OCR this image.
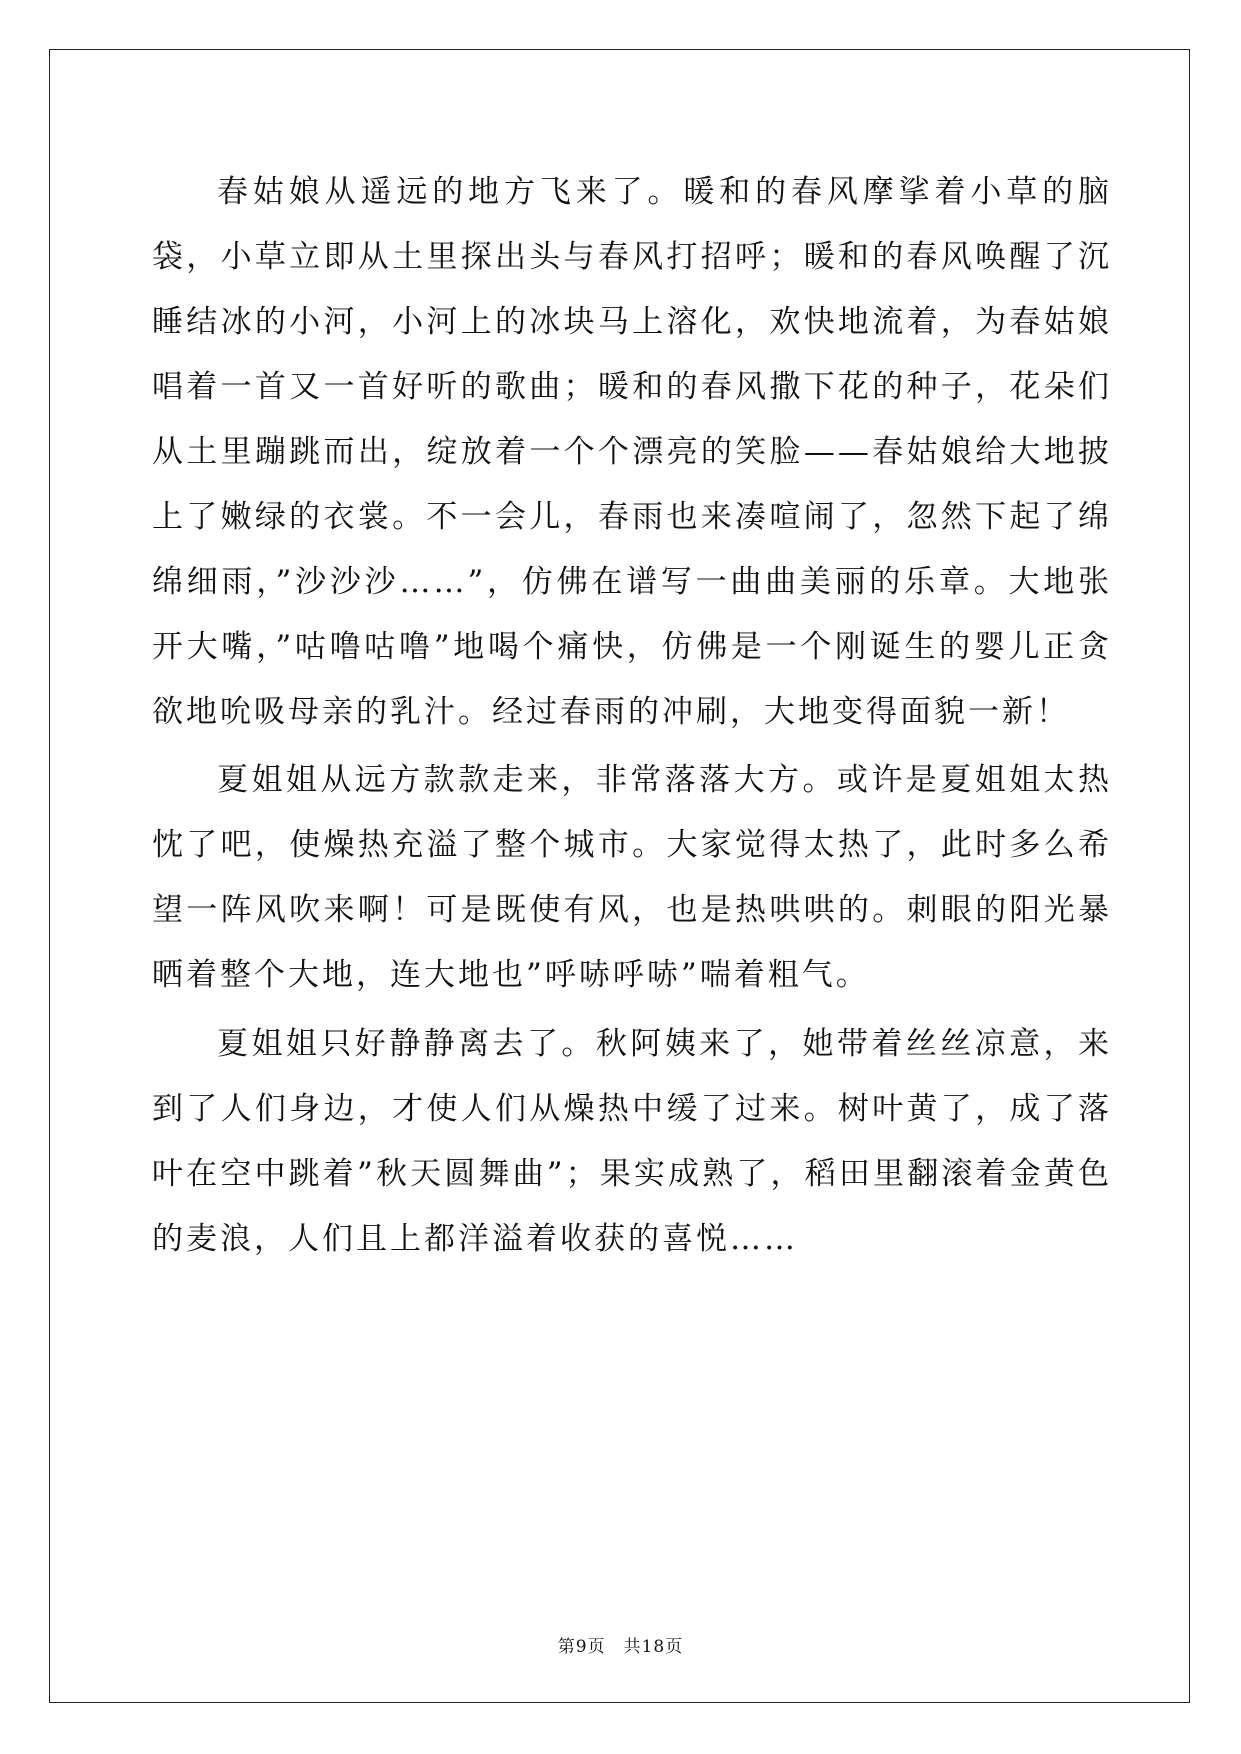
春姑娘从遥远的地方飞来了。暖和的春风摩挲着小草的脑袋，小草立即从土里探出头与春风打招呼；暖和的春风唤醒了沉睡结冰的小河，小河上的冰块马上溶化，欢快地流着，为春姑娘唱着一首又一首好听的歌曲；暖和的春风撒下花的种子，花朵们从土里蹦跳而出，绽放着一个个漂亮的笑脸——春姑娘给大地披上了嫩绿的衣裳。不一会儿，春雨也来凑喧闹了，忽然下起了绵绵细雨，”沙沙沙……”，仿佛在谱写一曲曲美丽的乐章。大地张开大嘴，”咕噜咕噜”地喝个痛快，仿佛是一个刚诞生的婴儿正贪欲地吮吸母亲的乳汁。经过春雨的冲刷，大地变得面貌一新！

夏姐姐从远方款款走来，非常落落大方。或许是夏姐姐太热忱了吧，使燥热充溢了整个城市。大家觉得太热了，此时多么希望一阵风吹来啊！可是既使有风，也是热哄哄的。刺眼的阳光暴晒着整个大地，连大地也”呼哧呼哧”喘着粗气。

夏姐姐只好静静离去了。秋阿姨来了，她带着丝丝凉意，来到了人们身边，才使人们从燥热中缓了过来。树叶黄了，成了落叶在空中跳着”秋天圆舞曲”；果实成熟了，稻田里翻滚着金黄色的麦浪，人们且上都洋溢着收获的喜悦……

第9页　共18页
